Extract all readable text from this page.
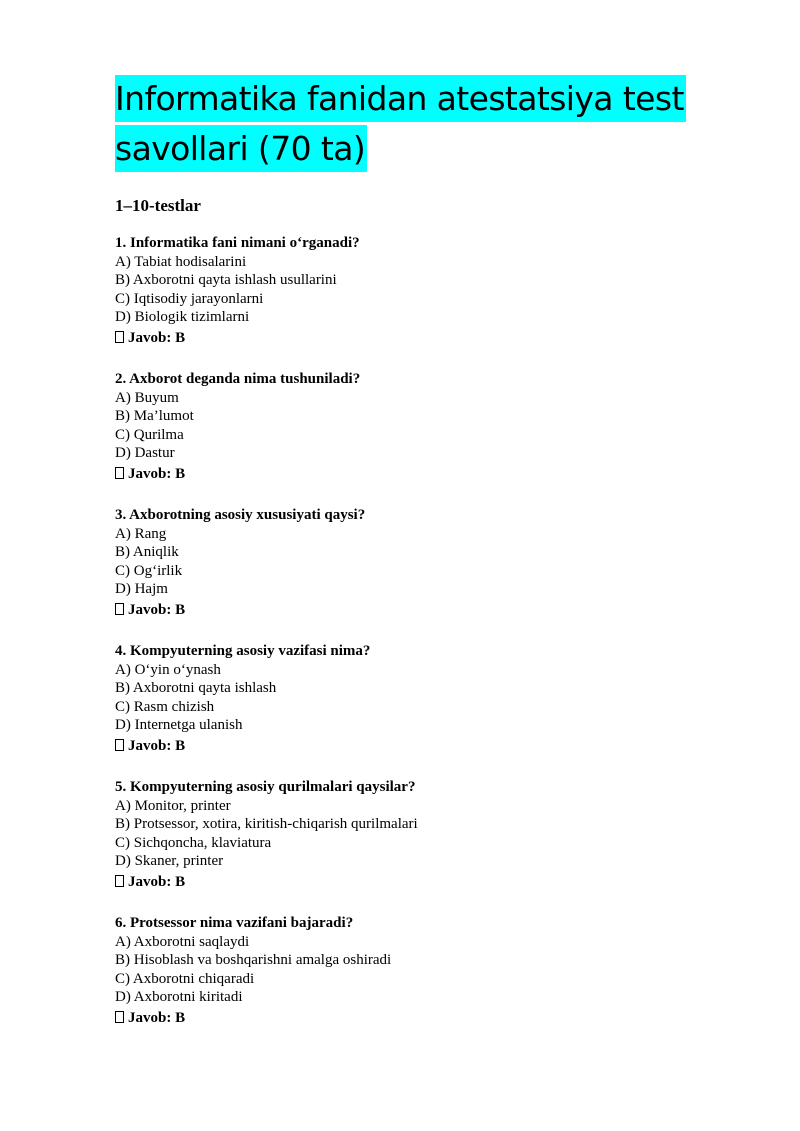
Informatika fanidan atestatsiya test
savollari (70 ta)
1–10-testlar
1. Informatika fani nimani o‘rganadi?
A) Tabiat hodisalarini
B) Axborotni qayta ishlash usullarini
C) Iqtisodiy jarayonlarni
D) Biologik tizimlarni
Javob: B
2. Axborot deganda nima tushuniladi?
A) Buyum
B) Ma’lumot
C) Qurilma
D) Dastur
Javob: B
3. Axborotning asosiy xususiyati qaysi?
A) Rang
B) Aniqlik
C) Og‘irlik
D) Hajm
Javob: B
4. Kompyuterning asosiy vazifasi nima?
A) O‘yin o‘ynash
B) Axborotni qayta ishlash
C) Rasm chizish
D) Internetga ulanish
Javob: B
5. Kompyuterning asosiy qurilmalari qaysilar?
A) Monitor, printer
B) Protsessor, xotira, kiritish-chiqarish qurilmalari
C) Sichqoncha, klaviatura
D) Skaner, printer
Javob: B
6. Protsessor nima vazifani bajaradi?
A) Axborotni saqlaydi
B) Hisoblash va boshqarishni amalga oshiradi
C) Axborotni chiqaradi
D) Axborotni kiritadi
Javob: B
